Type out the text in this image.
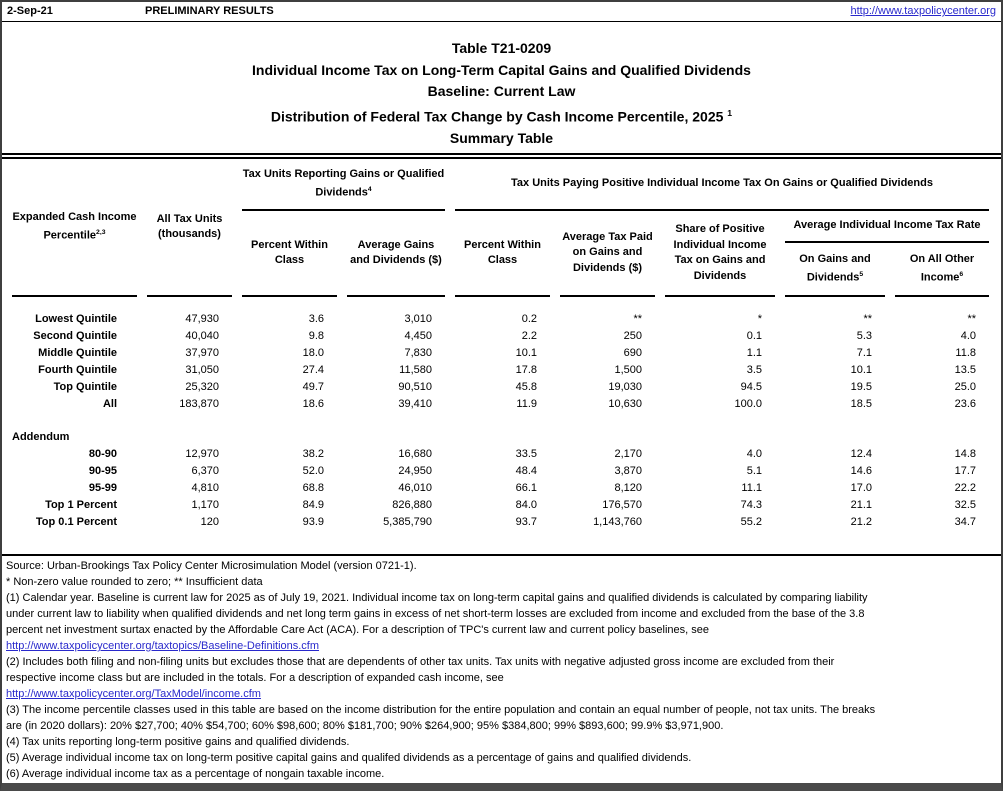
2-Sep-21	PRELIMINARY RESULTS	http://www.taxpolicycenter.org
Table T21-0209
Individual Income Tax on Long-Term Capital Gains and Qualified Dividends
Baseline: Current Law
Distribution of Federal Tax Change by Cash Income Percentile, 2025 $^1$
Summary Table
Expanded Cash Income Percentile$^{2,3}$	All Tax Units (thousands)	Tax Units Reporting Gains or Qualified Dividends$^4$		Tax Units Paying Positive Individual Income Tax On Gains or Qualified Dividends				
		Percent Within Class	Average Gains and Dividends ($)	Percent Within Class	Average Tax Paid on Gains and Dividends ($)	Share of Positive Individual Income Tax on Gains and Dividends	Average Individual Income Tax Rate	
							On Gains and Dividends$^5$	On All Other Income$^6$

Lowest Quintile	47,930	3.6	3,010	0.2	**	*	**	**
Second Quintile	40,040	9.8	4,450	2.2	250	0.1	5.3	4.0
Middle Quintile	37,970	18.0	7,830	10.1	690	1.1	7.1	11.8
Fourth Quintile	31,050	27.4	11,580	17.8	1,500	3.5	10.1	13.5
Top Quintile	25,320	49.7	90,510	45.8	19,030	94.5	19.5	25.0
All	183,870	18.6	39,410	11.9	10,630	100.0	18.5	23.6

Addendum								
80-90	12,970	38.2	16,680	33.5	2,170	4.0	12.4	14.8
90-95	6,370	52.0	24,950	48.4	3,870	5.1	14.6	17.7
95-99	4,810	68.8	46,010	66.1	8,120	11.1	17.0	22.2
Top 1 Percent	1,170	84.9	826,880	84.0	176,570	74.3	21.1	32.5
Top 0.1 Percent	120	93.9	5,385,790	93.7	1,143,760	55.2	21.2	34.7
Source: Urban-Brookings Tax Policy Center Microsimulation Model (version 0721-1).
* Non-zero value rounded to zero; ** Insufficient data
(1) Calendar year. Baseline is current law for 2025 as of July 19, 2021. Individual income tax on long-term capital gains and qualified dividends is calculated by comparing liability
under current law to liability when qualified dividends and net long term gains in excess of net short-term losses are excluded from income and excluded from the base of the 3.8
percent net investment surtax enacted by the Affordable Care Act (ACA). For a description of TPC's current law and current policy baselines, see
http://www.taxpolicycenter.org/taxtopics/Baseline-Definitions.cfm
(2) Includes both filing and non-filing units but excludes those that are dependents of other tax units. Tax units with negative adjusted gross income are excluded from their
respective income class but are included in the totals. For a description of expanded cash income, see
http://www.taxpolicycenter.org/TaxModel/income.cfm
(3) The income percentile classes used in this table are based on the income distribution for the entire population and contain an equal number of people, not tax units. The breaks
are (in 2020 dollars): 20% $27,700; 40% $54,700; 60% $98,600; 80% $181,700; 90% $264,900; 95% $384,800; 99% $893,600; 99.9% $3,971,900.
(4) Tax units reporting long-term positive gains and qualified dividends.
(5) Average individual income tax on long-term positive capital gains and qualifed dividends as a percentage of gains and qualified dividends.
(6) Average individual income tax as a percentage of nongain taxable income.
